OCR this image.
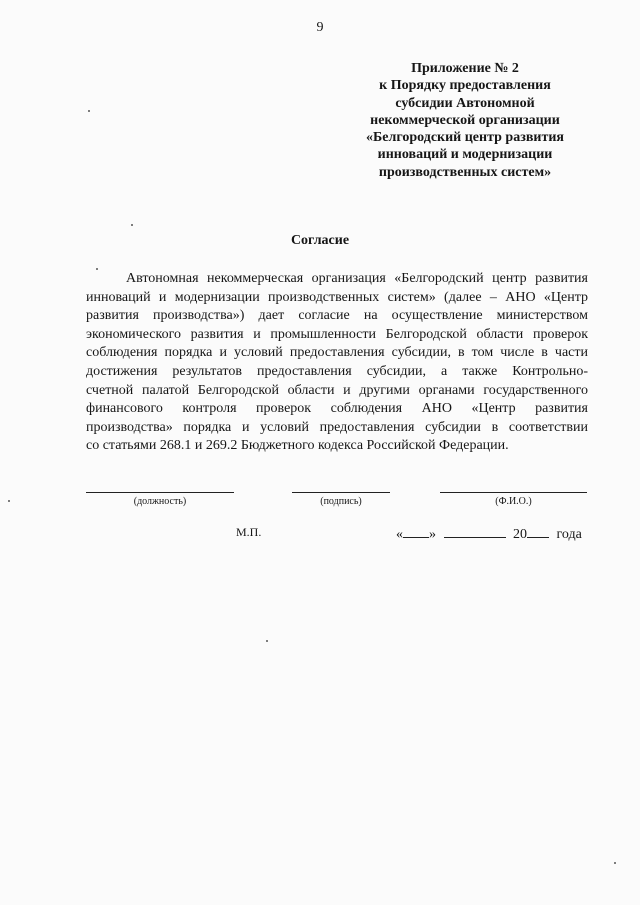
9
Приложение № 2
к Порядку предоставления
субсидии Автономной
некоммерческой организации
«Белгородский центр развития
инноваций и модернизации
производственных систем»
Согласие
Автономная некоммерческая организация «Белгородский центр развития
инноваций и модернизации производственных систем» (далее – АНО «Центр
развития производства») дает согласие на осуществление министерством
экономического развития и промышленности Белгородской области проверок
соблюдения порядка и условий предоставления субсидии, в том числе в части
достижения результатов предоставления субсидии, а также Контрольно-
счетной палатой Белгородской области и другими органами государственного
финансового контроля проверок соблюдения АНО «Центр развития
производства» порядка и условий предоставления субсидии в соответствии
со статьями 268.1 и 269.2 Бюджетного кодекса Российской Федерации.
(должность)	(подпись)	(Ф.И.О.)
М.П.	« »	20 года
